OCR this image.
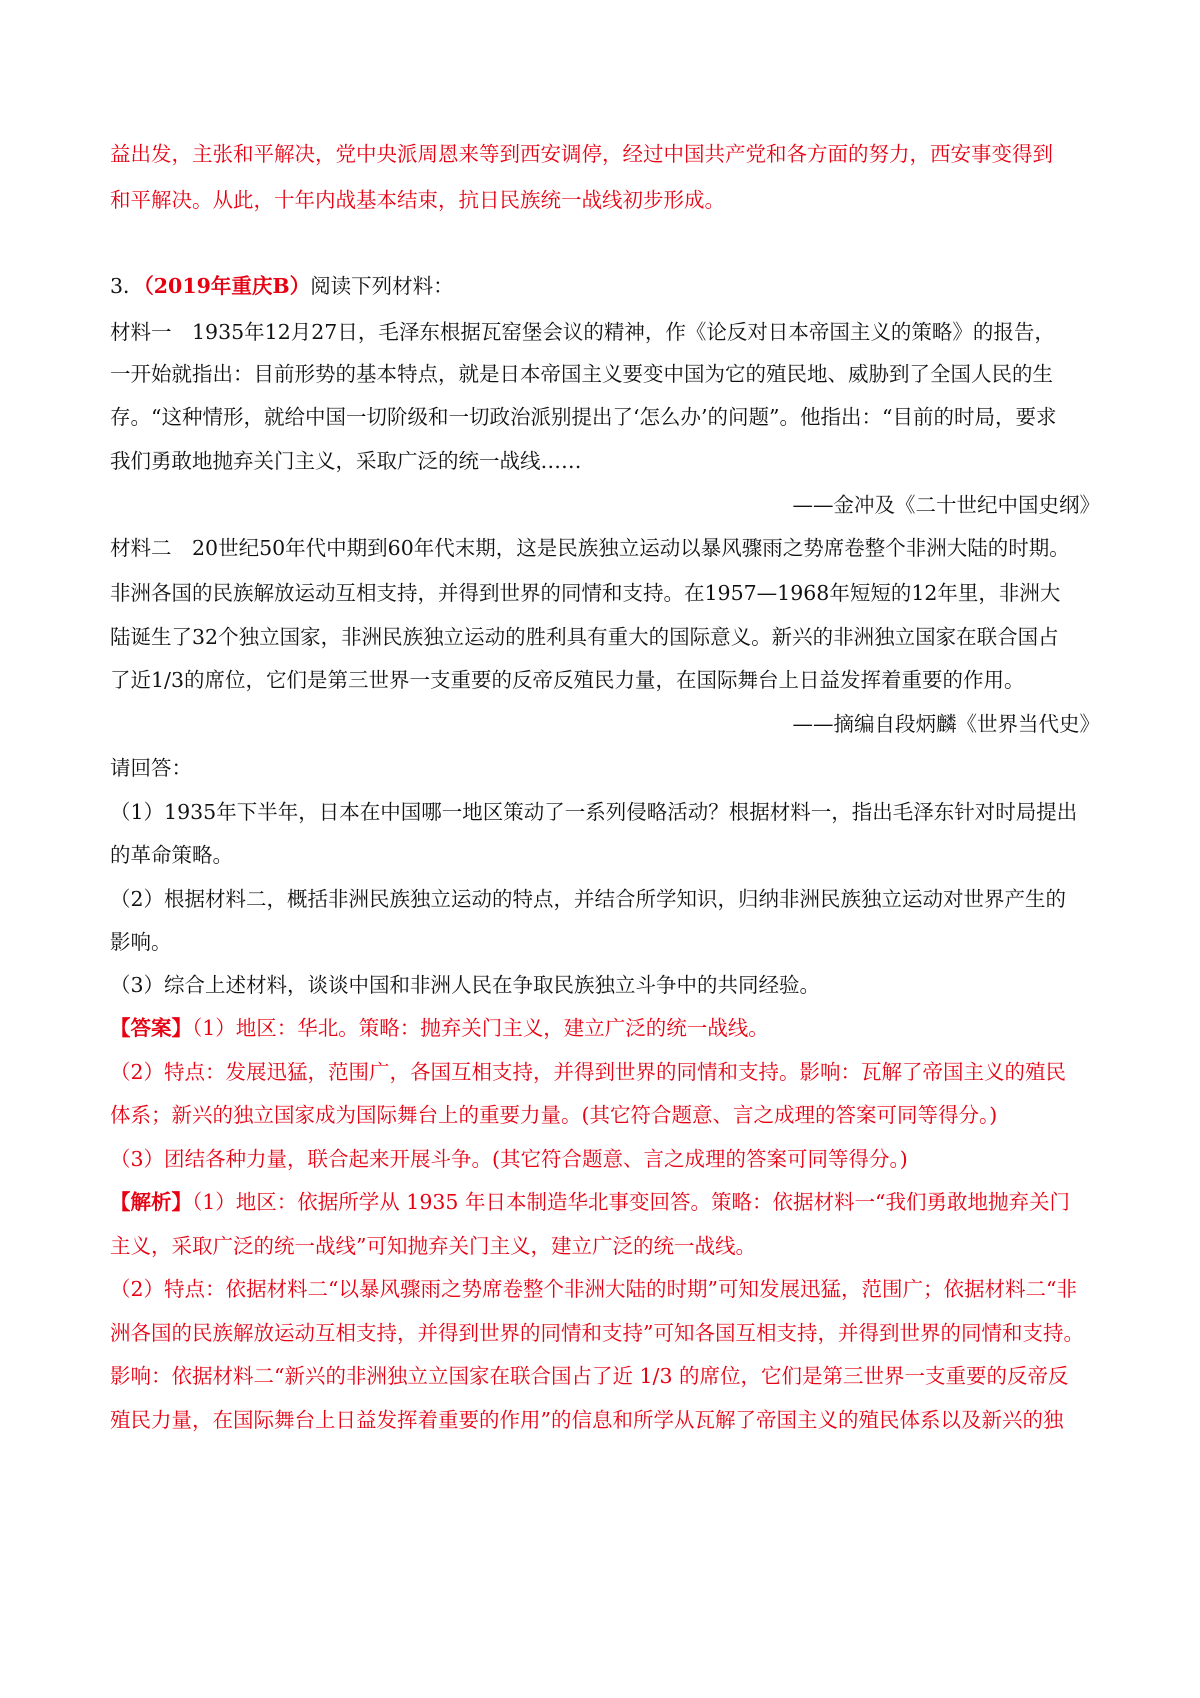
益出发，主张和平解决，党中央派周恩来等到西安调停，经过中国共产党和各方面的努力，西安事变得到
和平解决。从此，十年内战基本结束，抗日民族统一战线初步形成。
3．（2019年重庆B）阅读下列材料：
材料一　1935年12月27日，毛泽东根据瓦窑堡会议的精神，作《论反对日本帝国主义的策略》的报告，
一开始就指出：目前形势的基本特点，就是日本帝国主义要变中国为它的殖民地、威胁到了全国人民的生
存。“这种情形，就给中国一切阶级和一切政治派别提出了‘怎么办’的问题”。他指出：“目前的时局，要求
我们勇敢地抛弃关门主义，采取广泛的统一战线……
——金冲及《二十世纪中国史纲》
材料二　20世纪50年代中期到60年代末期，这是民族独立运动以暴风骤雨之势席卷整个非洲大陆的时期。
非洲各国的民族解放运动互相支持，并得到世界的同情和支持。在1957—1968年短短的12年里，非洲大
陆诞生了32个独立国家，非洲民族独立运动的胜利具有重大的国际意义。新兴的非洲独立国家在联合国占
了近1/3的席位，它们是第三世界一支重要的反帝反殖民力量，在国际舞台上日益发挥着重要的作用。
——摘编自段炳麟《世界当代史》
请回答：
（1）1935年下半年，日本在中国哪一地区策动了一系列侵略活动？根据材料一，指出毛泽东针对时局提出
的革命策略。
（2）根据材料二，概括非洲民族独立运动的特点，并结合所学知识，归纳非洲民族独立运动对世界产生的
影响。
（3）综合上述材料，谈谈中国和非洲人民在争取民族独立斗争中的共同经验。
【答案】（1）地区：华北。策略：抛弃关门主义，建立广泛的统一战线。
（2）特点：发展迅猛，范围广，各国互相支持，并得到世界的同情和支持。影响：瓦解了帝国主义的殖民
体系；新兴的独立国家成为国际舞台上的重要力量。(其它符合题意、言之成理的答案可同等得分。)
（3）团结各种力量，联合起来开展斗争。(其它符合题意、言之成理的答案可同等得分。)
【解析】（1）地区：依据所学从 1935 年日本制造华北事变回答。策略：依据材料一“我们勇敢地抛弃关门
主义，采取广泛的统一战线”可知抛弃关门主义，建立广泛的统一战线。
（2）特点：依据材料二“以暴风骤雨之势席卷整个非洲大陆的时期”可知发展迅猛，范围广；依据材料二“非
洲各国的民族解放运动互相支持，并得到世界的同情和支持”可知各国互相支持，并得到世界的同情和支持。
影响：依据材料二“新兴的非洲独立立国家在联合国占了近 1/3 的席位，它们是第三世界一支重要的反帝反
殖民力量，在国际舞台上日益发挥着重要的作用”的信息和所学从瓦解了帝国主义的殖民体系以及新兴的独
